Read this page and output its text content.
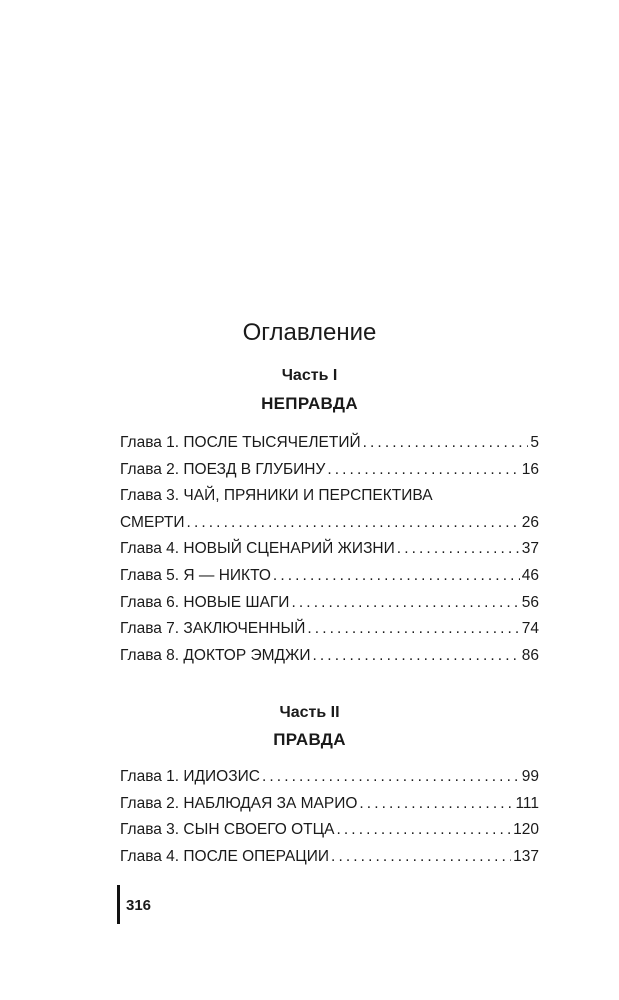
Оглавление
Часть I
НЕПРАВДА
Глава 1. ПОСЛЕ ТЫСЯЧЕЛЕТИЙ . . .	5
Глава 2. ПОЕЗД В ГЛУБИНУ . . .	16
Глава 3. ЧАЙ, ПРЯНИКИ И ПЕРСПЕКТИВА
СМЕРТИ . . .	26
Глава 4. НОВЫЙ СЦЕНАРИЙ ЖИЗНИ . . .	37
Глава 5. Я — НИКТО . . .	46
Глава 6. НОВЫЕ ШАГИ . . .	56
Глава 7. ЗАКЛЮЧЕННЫЙ . . .	74
Глава 8. ДОКТОР ЭМДЖИ . . .	86
Часть II
ПРАВДА
Глава 1. ИДИОЗИС . . .	99
Глава 2. НАБЛЮДАЯ ЗА МАРИО . . .	111
Глава 3. СЫН СВОЕГО ОТЦА . . .	120
Глава 4. ПОСЛЕ ОПЕРАЦИИ . . .	137
316
